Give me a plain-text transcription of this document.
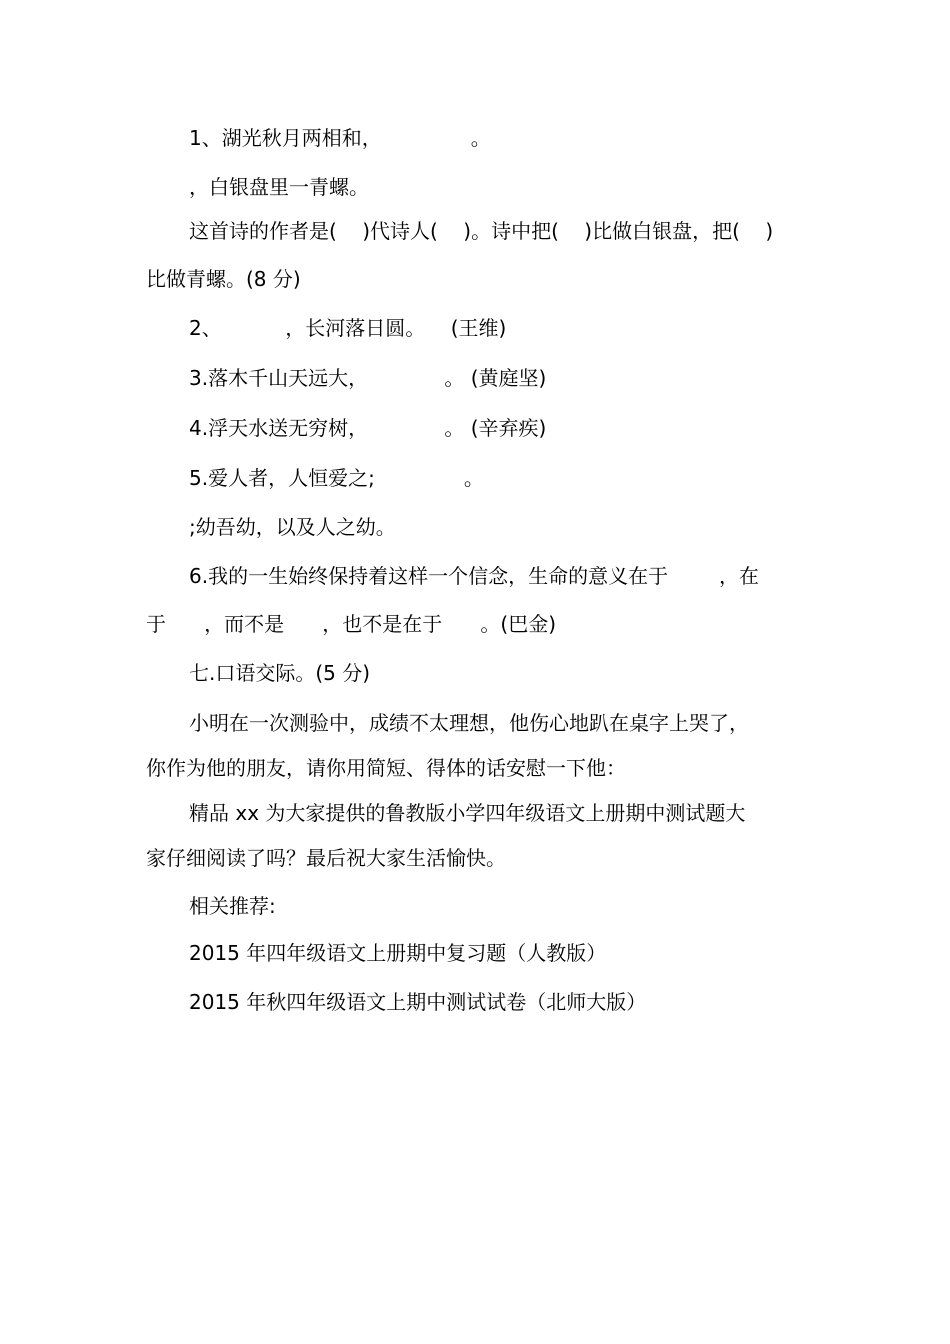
1、湖光秋月两相和，              。
，白银盘里一青螺。
这首诗的作者是(    )代诗人(    )。诗中把(    )比做白银盘，把(    )
比做青螺。(8 分)
2、          ，长河落日圆。    (王维)
3.落木千山天远大，            。 (黄庭坚)
4.浮天水送无穷树，            。 (辛弃疾)
5.爱人者，人恒爱之;              。
;幼吾幼，以及人之幼。
6.我的一生始终保持着这样一个信念，生命的意义在于        ，在
于      ，而不是      ，也不是在于      。(巴金)
七.口语交际。(5 分)
小明在一次测验中，成绩不太理想，他伤心地趴在桌字上哭了，
你作为他的朋友，请你用简短、得体的话安慰一下他：
精品 xx 为大家提供的鲁教版小学四年级语文上册期中测试题大
家仔细阅读了吗？最后祝大家生活愉快。
相关推荐:
2015 年四年级语文上册期中复习题（人教版）
2015 年秋四年级语文上期中测试试卷（北师大版）
